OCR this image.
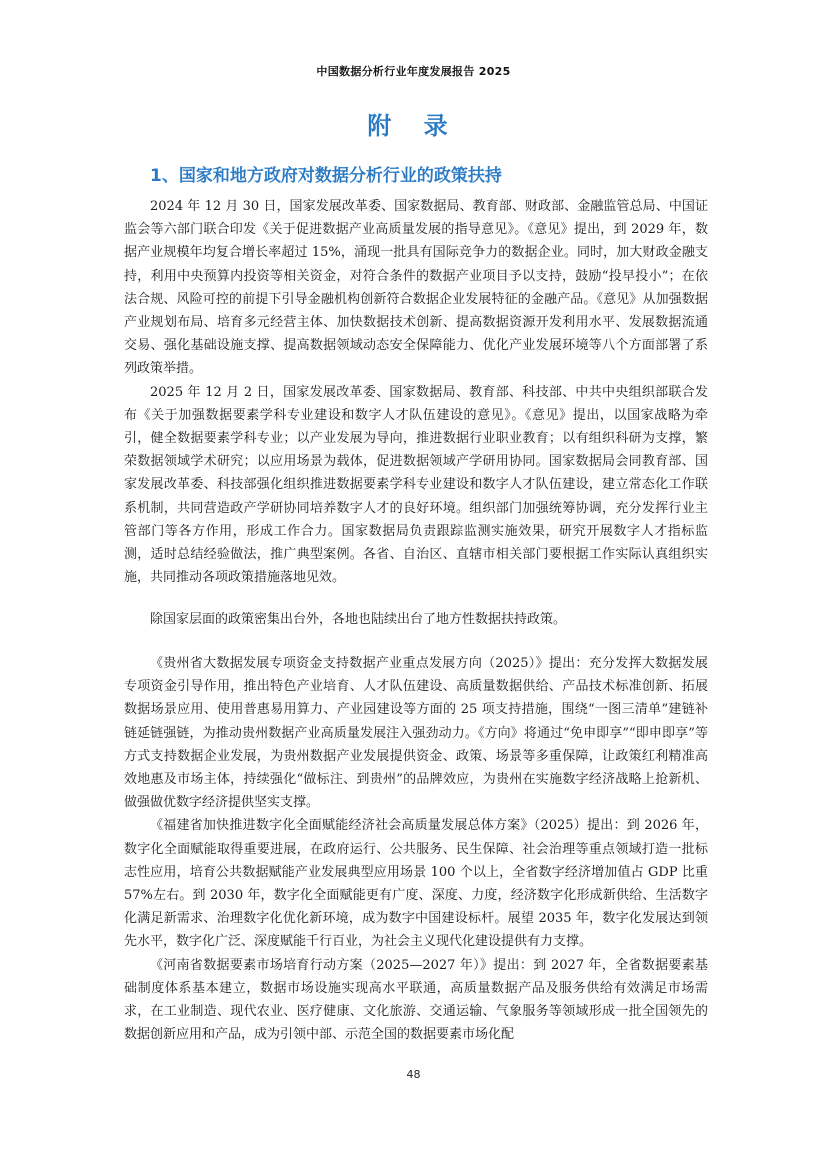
中国数据分析行业年度发展报告 2025
附 录
1、国家和地方政府对数据分析行业的政策扶持

2024 年 12 月 30 日，国家发展改革委、国家数据局、教育部、财政部、金融监管总局、中国证监会等六部门联合印发《关于促进数据产业高质量发展的指导意见》。《意见》提出，到 2029 年，数据产业规模年均复合增长率超过 15%，涌现一批具有国际竞争力的数据企业。同时，加大财政金融支持，利用中央预算内投资等相关资金，对符合条件的数据产业项目予以支持，鼓励“投早投小”；在依法合规、风险可控的前提下引导金融机构创新符合数据企业发展特征的金融产品。《意见》从加强数据产业规划布局、培育多元经营主体、加快数据技术创新、提高数据资源开发利用水平、发展数据流通交易、强化基础设施支撑、提高数据领域动态安全保障能力、优化产业发展环境等八个方面部署了系列政策举措。

2025 年 12 月 2 日，国家发展改革委、国家数据局、教育部、科技部、中共中央组织部联合发布《关于加强数据要素学科专业建设和数字人才队伍建设的意见》。《意见》提出，以国家战略为牵引，健全数据要素学科专业；以产业发展为导向，推进数据行业职业教育；以有组织科研为支撑，繁荣数据领域学术研究；以应用场景为载体，促进数据领域产学研用协同。国家数据局会同教育部、国家发展改革委、科技部强化组织推进数据要素学科专业建设和数字人才队伍建设，建立常态化工作联系机制，共同营造政产学研协同培养数字人才的良好环境。组织部门加强统筹协调，充分发挥行业主管部门等各方作用，形成工作合力。国家数据局负责跟踪监测实施效果，研究开展数字人才指标监测，适时总结经验做法，推广典型案例。各省、自治区、直辖市相关部门要根据工作实际认真组织实施，共同推动各项政策措施落地见效。

除国家层面的政策密集出台外，各地也陆续出台了地方性数据扶持政策。

《贵州省大数据发展专项资金支持数据产业重点发展方向（2025）》提出：充分发挥大数据发展专项资金引导作用，推出特色产业培育、人才队伍建设、高质量数据供给、产品技术标准创新、拓展数据场景应用、使用普惠易用算力、产业园建设等方面的 25 项支持措施，围绕“一图三清单”建链补链延链强链，为推动贵州数据产业高质量发展注入强劲动力。《方向》将通过“免申即享”“即申即享”等方式支持数据企业发展，为贵州数据产业发展提供资金、政策、场景等多重保障，让政策红利精准高效地惠及市场主体，持续强化“做标注、到贵州”的品牌效应，为贵州在实施数字经济战略上抢新机、做强做优数字经济提供坚实支撑。

《福建省加快推进数字化全面赋能经济社会高质量发展总体方案》（2025）提出：到 2026 年，数字化全面赋能取得重要进展，在政府运行、公共服务、民生保障、社会治理等重点领域打造一批标志性应用，培育公共数据赋能产业发展典型应用场景 100 个以上，全省数字经济增加值占 GDP 比重 57%左右。到 2030 年，数字化全面赋能更有广度、深度、力度，经济数字化形成新供给、生活数字化满足新需求、治理数字化优化新环境，成为数字中国建设标杆。展望 2035 年，数字化发展达到领先水平，数字化广泛、深度赋能千行百业，为社会主义现代化建设提供有力支撑。

《河南省数据要素市场培育行动方案（2025—2027 年）》提出：到 2027 年，全省数据要素基础制度体系基本建立，数据市场设施实现高水平联通，高质量数据产品及服务供给有效满足市场需求，在工业制造、现代农业、医疗健康、文化旅游、交通运输、气象服务等领域形成一批全国领先的数据创新应用和产品，成为引领中部、示范全国的数据要素市场化配

48
